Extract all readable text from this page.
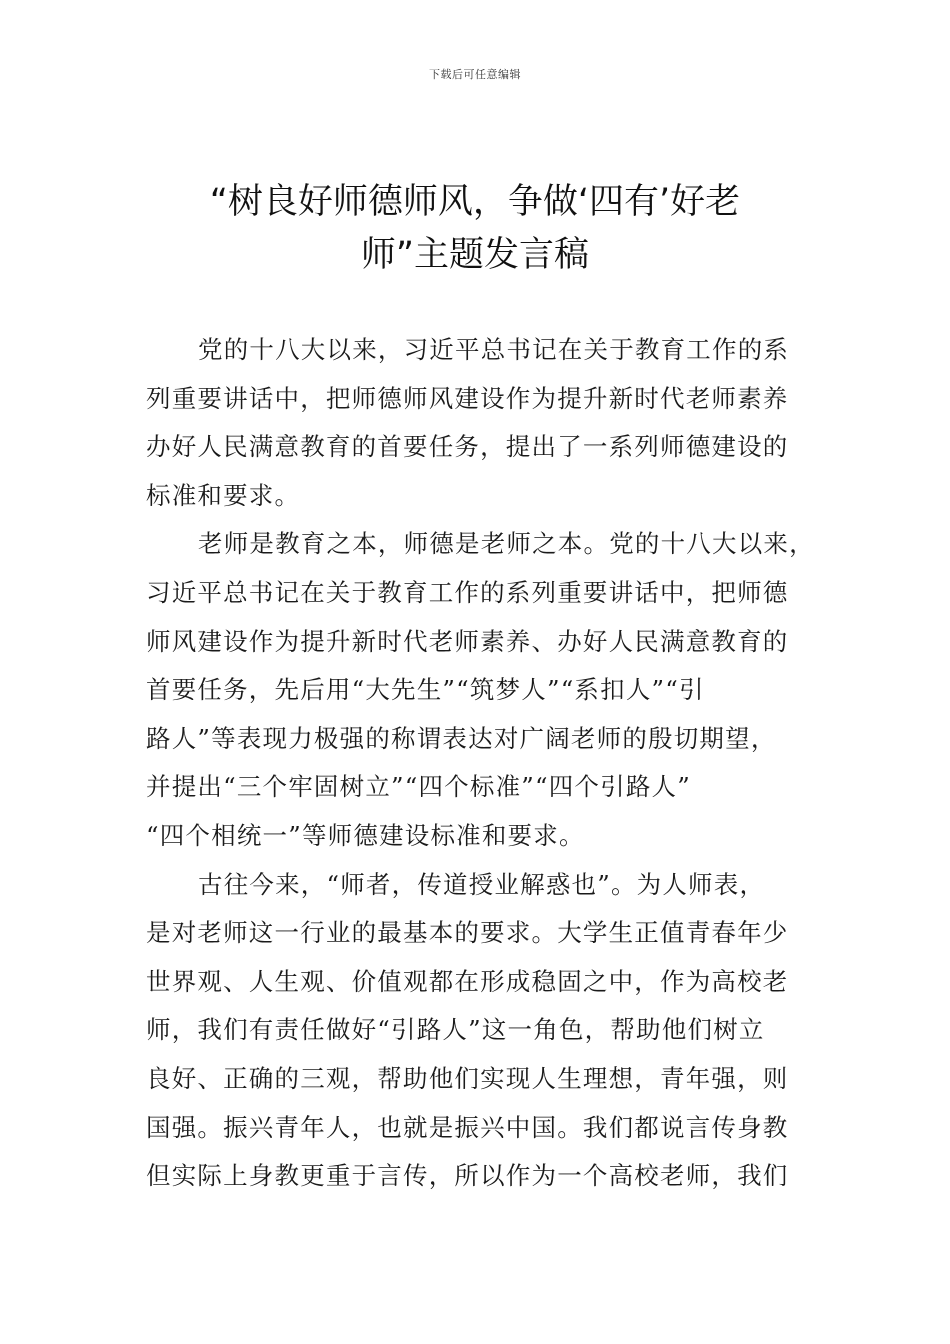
下载后可任意编辑
“树良好师德师风，争做‘四有’好老
师”主题发言稿
党的十八大以来，习近平总书记在关于教育工作的系
列重要讲话中，把师德师风建设作为提升新时代老师素养
办好人民满意教育的首要任务，提出了一系列师德建设的
标准和要求。
老师是教育之本，师德是老师之本。党的十八大以来，
习近平总书记在关于教育工作的系列重要讲话中，把师德
师风建设作为提升新时代老师素养、办好人民满意教育的
首要任务，先后用“大先生”“筑梦人”“系扣人”“引
路人”等表现力极强的称谓表达对广阔老师的殷切期望，
并提出“三个牢固树立”“四个标准”“四个引路人”
“四个相统一”等师德建设标准和要求。
古往今来，“师者，传道授业解惑也”。为人师表，
是对老师这一行业的最基本的要求。大学生正值青春年少
世界观、人生观、价值观都在形成稳固之中，作为高校老
师，我们有责任做好“引路人”这一角色，帮助他们树立
良好、正确的三观，帮助他们实现人生理想，青年强，则
国强。振兴青年人，也就是振兴中国。我们都说言传身教
但实际上身教更重于言传，所以作为一个高校老师，我们
